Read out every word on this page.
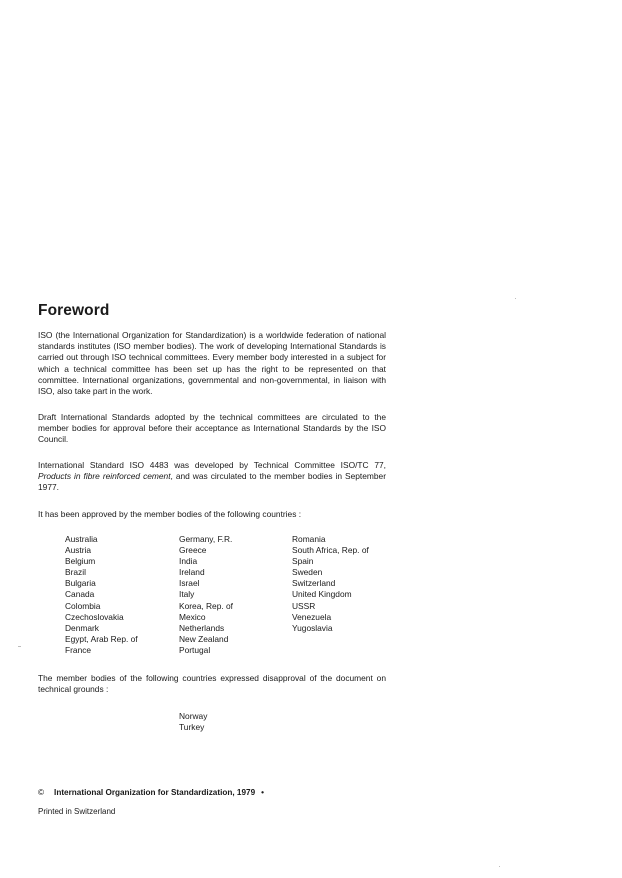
Foreword

ISO (the International Organization for Standardization) is a worldwide federation of national standards institutes (ISO member bodies). The work of developing International Standards is carried out through ISO technical committees. Every member body interested in a subject for which a technical committee has been set up has the right to be represented on that committee. International organizations, governmental and non-governmental, in liaison with ISO, also take part in the work.

Draft International Standards adopted by the technical committees are circulated to the member bodies for approval before their acceptance as International Standards by the ISO Council.

International Standard ISO 4483 was developed by Technical Committee ISO/TC 77, Products in fibre reinforced cement, and was circulated to the member bodies in September 1977.

It has been approved by the member bodies of the following countries :

Australia
Austria
Belgium
Brazil
Bulgaria
Canada
Colombia
Czechoslovakia
Denmark
Egypt, Arab Rep. of
France
Germany, F.R.
Greece
India
Ireland
Israel
Italy
Korea, Rep. of
Mexico
Netherlands
New Zealand
Portugal
Romania
South Africa, Rep. of
Spain
Sweden
Switzerland
United Kingdom
USSR
Venezuela
Yugoslavia

The member bodies of the following countries expressed disapproval of the document on technical grounds :

Norway
Turkey

© International Organization for Standardization, 1979 •

Printed in Switzerland
